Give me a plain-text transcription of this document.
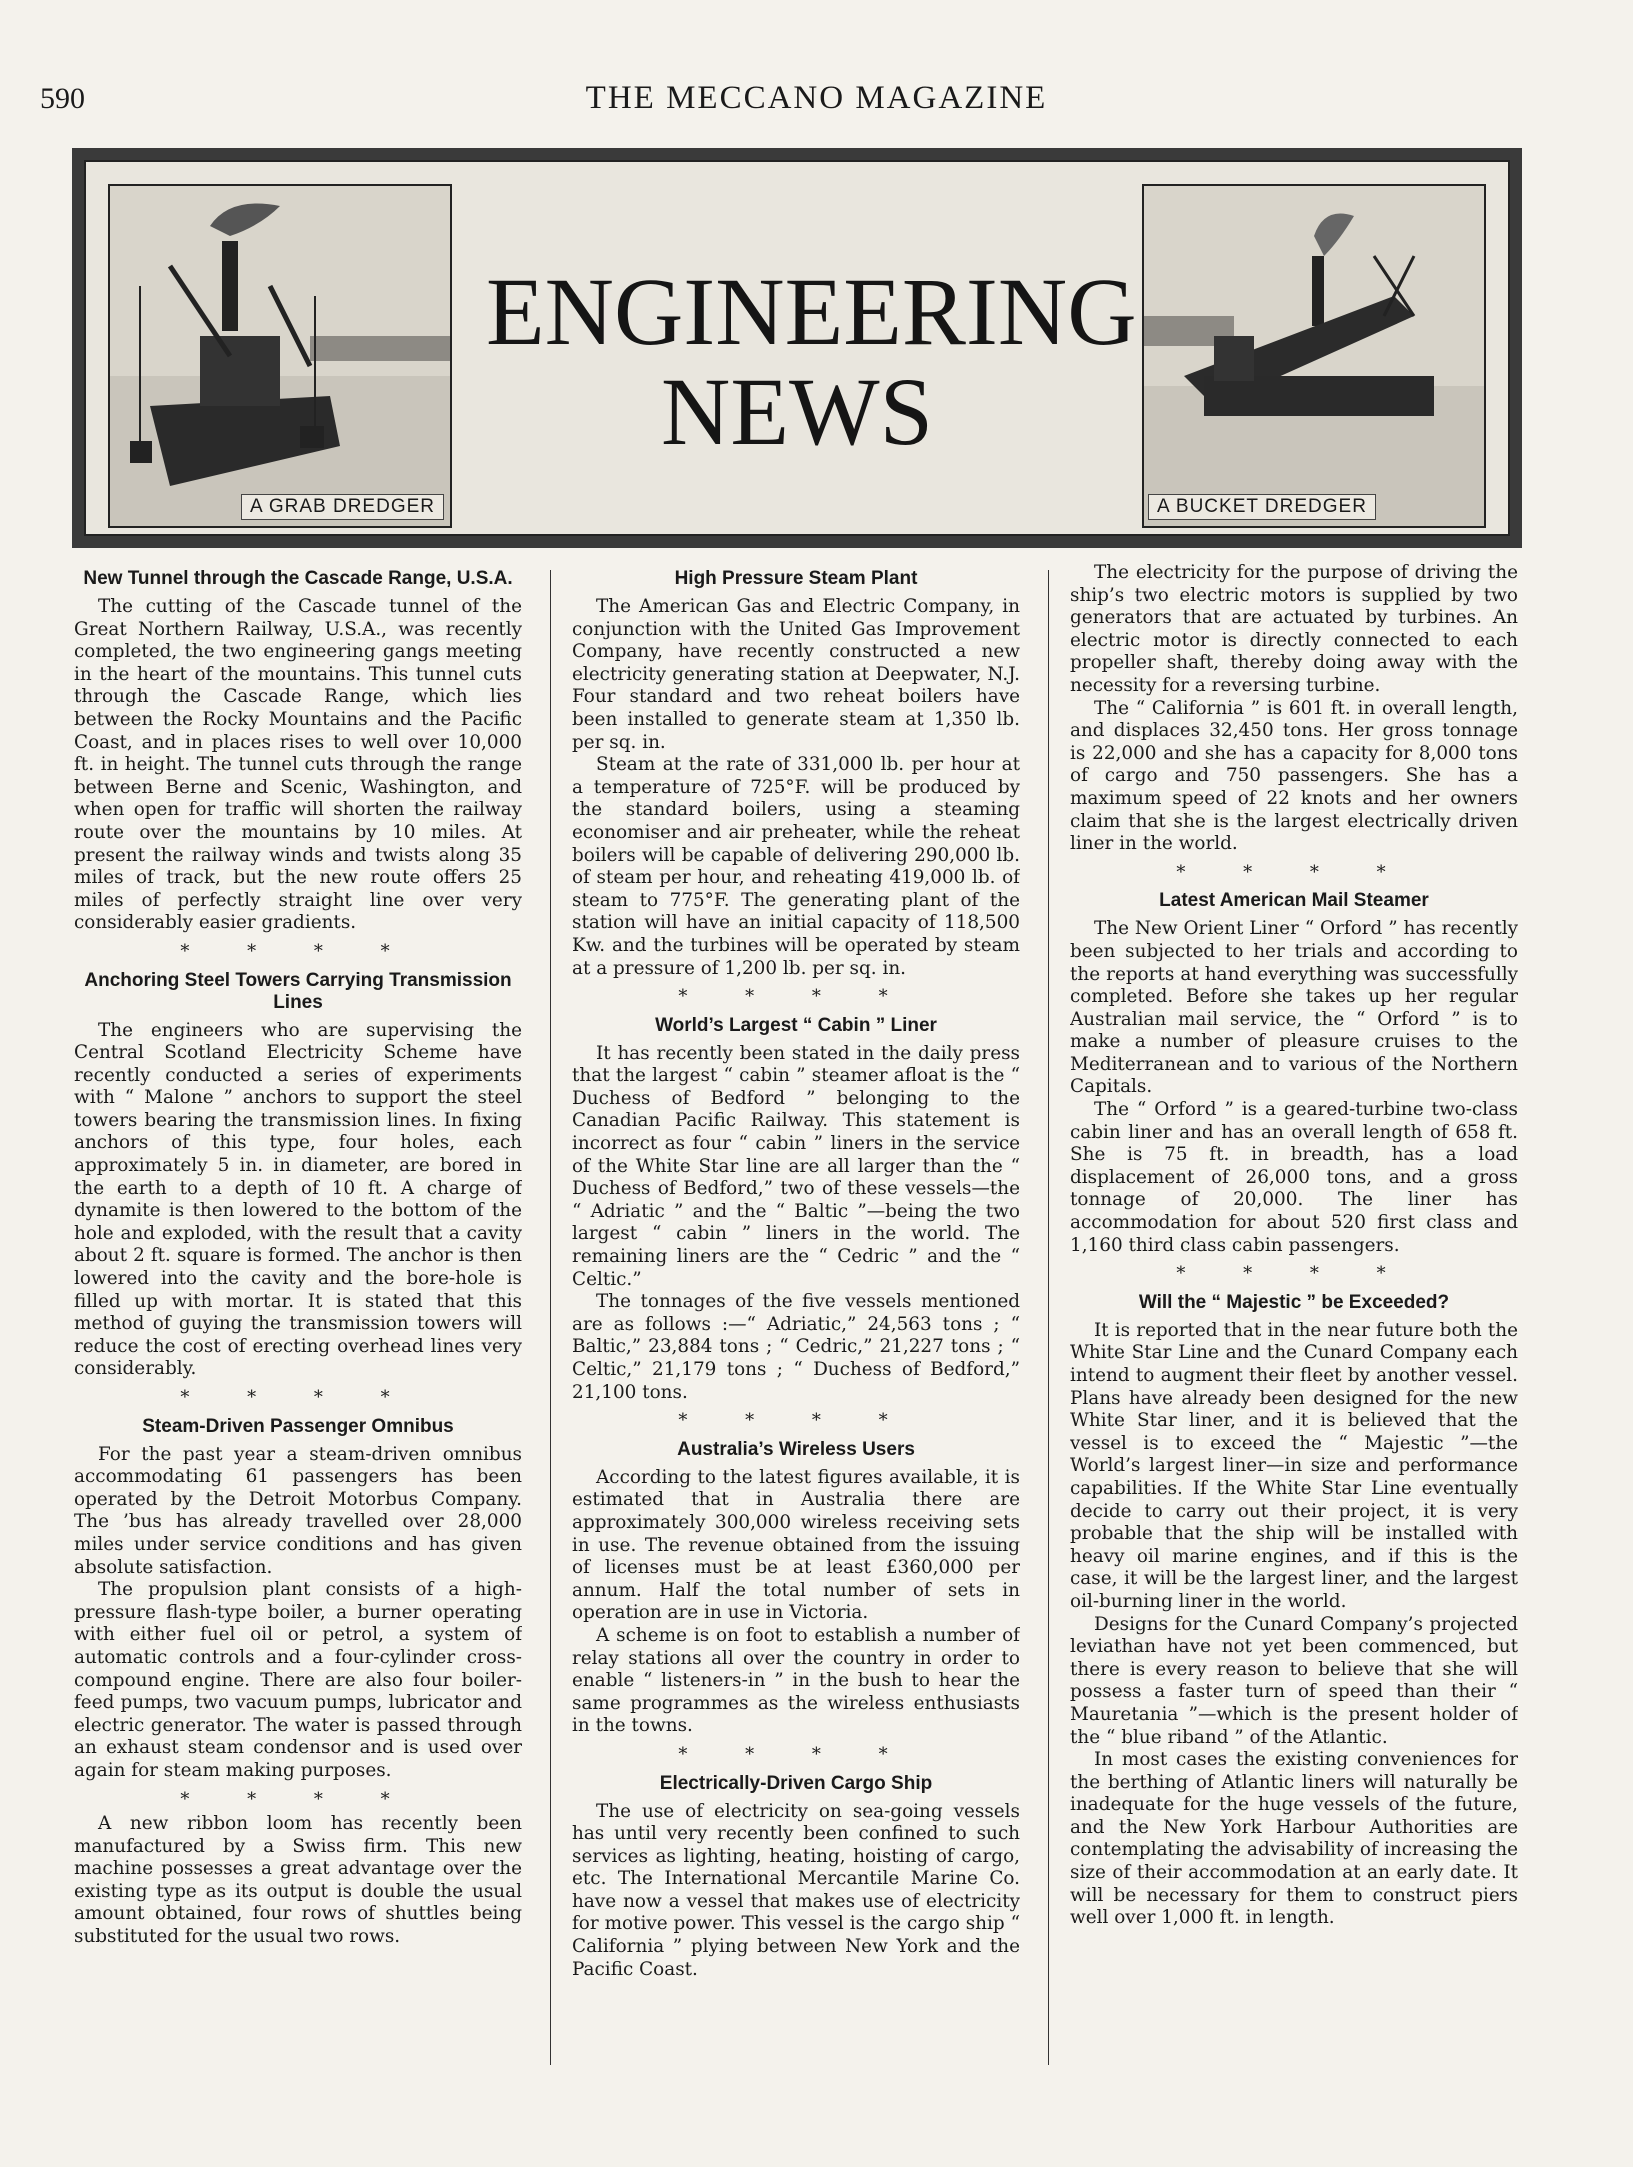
590	THE MECCANO MAGAZINE
A GRAB DREDGER
ENGINEERING
NEWS
A BUCKET DREDGER
New Tunnel through the Cascade Range, U.S.A.

The cutting of the Cascade tunnel of the Great Northern Railway, U.S.A., was recently completed, the two engineering gangs meeting in the heart of the mountains. This tunnel cuts through the Cascade Range, which lies between the Rocky Mountains and the Pacific Coast, and in places rises to well over 10,000 ft. in height. The tunnel cuts through the range between Berne and Scenic, Washington, and when open for traffic will shorten the railway route over the mountains by 10 miles. At present the railway winds and twists along 35 miles of track, but the new route offers 25 miles of perfectly straight line over very considerably easier gradients.

* * * *
Anchoring Steel Towers Carrying Transmission Lines

The engineers who are supervising the Central Scotland Electricity Scheme have recently conducted a series of experiments with “ Malone ” anchors to support the steel towers bearing the transmission lines. In fixing anchors of this type, four holes, each approximately 5 in. in diameter, are bored in the earth to a depth of 10 ft. A charge of dynamite is then lowered to the bottom of the hole and exploded, with the result that a cavity about 2 ft. square is formed. The anchor is then lowered into the cavity and the bore-hole is filled up with mortar. It is stated that this method of guying the transmission towers will reduce the cost of erecting overhead lines very considerably.

* * * *
Steam-Driven Passenger Omnibus

For the past year a steam-driven omnibus accommodating 61 passengers has been operated by the Detroit Motorbus Company. The ’bus has already travelled over 28,000 miles under service conditions and has given absolute satisfaction.

The propulsion plant consists of a high-pressure flash-type boiler, a burner operating with either fuel oil or petrol, a system of automatic controls and a four-cylinder cross-compound engine. There are also four boiler-feed pumps, two vacuum pumps, lubricator and electric generator. The water is passed through an exhaust steam condensor and is used over again for steam making purposes.

* * * *

A new ribbon loom has recently been manufactured by a Swiss firm. This new machine possesses a great advantage over the existing type as its output is double the usual amount obtained, four rows of shuttles being substituted for the usual two rows.

High Pressure Steam Plant

The American Gas and Electric Company, in conjunction with the United Gas Improvement Company, have recently constructed a new electricity generating station at Deepwater, N.J. Four standard and two reheat boilers have been installed to generate steam at 1,350 lb. per sq. in.

Steam at the rate of 331,000 lb. per hour at a temperature of 725°F. will be produced by the standard boilers, using a steaming economiser and air preheater, while the reheat boilers will be capable of delivering 290,000 lb. of steam per hour, and reheating 419,000 lb. of steam to 775°F. The generating plant of the station will have an initial capacity of 118,500 Kw. and the turbines will be operated by steam at a pressure of 1,200 lb. per sq. in.

* * * *
World’s Largest “ Cabin ” Liner

It has recently been stated in the daily press that the largest “ cabin ” steamer afloat is the “ Duchess of Bedford ” belonging to the Canadian Pacific Railway. This statement is incorrect as four “ cabin ” liners in the service of the White Star line are all larger than the “ Duchess of Bedford,” two of these vessels—the “ Adriatic ” and the “ Baltic ”—being the two largest “ cabin ” liners in the world. The remaining liners are the “ Cedric ” and the “ Celtic.”

The tonnages of the five vessels mentioned are as follows :—“ Adriatic,” 24,563 tons ; “ Baltic,” 23,884 tons ; “ Cedric,” 21,227 tons ; “ Celtic,” 21,179 tons ; “ Duchess of Bedford,” 21,100 tons.

* * * *
Australia’s Wireless Users

According to the latest figures available, it is estimated that in Australia there are approximately 300,000 wireless receiving sets in use. The revenue obtained from the issuing of licenses must be at least £360,000 per annum. Half the total number of sets in operation are in use in Victoria.

A scheme is on foot to establish a number of relay stations all over the country in order to enable “ listeners-in ” in the bush to hear the same programmes as the wireless enthusiasts in the towns.

* * * *
Electrically-Driven Cargo Ship

The use of electricity on sea-going vessels has until very recently been confined to such services as lighting, heating, hoisting of cargo, etc. The International Mercantile Marine Co. have now a vessel that makes use of electricity for motive power. This vessel is the cargo ship “ California ” plying between New York and the Pacific Coast.

The electricity for the purpose of driving the ship’s two electric motors is supplied by two generators that are actuated by turbines. An electric motor is directly connected to each propeller shaft, thereby doing away with the necessity for a reversing turbine.

The “ California ” is 601 ft. in overall length, and displaces 32,450 tons. Her gross tonnage is 22,000 and she has a capacity for 8,000 tons of cargo and 750 passengers. She has a maximum speed of 22 knots and her owners claim that she is the largest electrically driven liner in the world.

* * * *
Latest American Mail Steamer

The New Orient Liner “ Orford ” has recently been subjected to her trials and according to the reports at hand everything was successfully completed. Before she takes up her regular Australian mail service, the “ Orford ” is to make a number of pleasure cruises to the Mediterranean and to various of the Northern Capitals.

The “ Orford ” is a geared-turbine two-class cabin liner and has an overall length of 658 ft. She is 75 ft. in breadth, has a load displacement of 26,000 tons, and a gross tonnage of 20,000. The liner has accommodation for about 520 first class and 1,160 third class cabin passengers.

* * * *
Will the “ Majestic ” be Exceeded?

It is reported that in the near future both the White Star Line and the Cunard Company each intend to augment their fleet by another vessel. Plans have already been designed for the new White Star liner, and it is believed that the vessel is to exceed the “ Majestic ”—the World’s largest liner—in size and performance capabilities. If the White Star Line eventually decide to carry out their project, it is very probable that the ship will be installed with heavy oil marine engines, and if this is the case, it will be the largest liner, and the largest oil-burning liner in the world.

Designs for the Cunard Company’s projected leviathan have not yet been commenced, but there is every reason to believe that she will possess a faster turn of speed than their “ Mauretania ”—which is the present holder of the “ blue riband ” of the Atlantic.

In most cases the existing conveniences for the berthing of Atlantic liners will naturally be inadequate for the huge vessels of the future, and the New York Harbour Authorities are contemplating the advisability of increasing the size of their accommodation at an early date. It will be necessary for them to construct piers well over 1,000 ft. in length.
